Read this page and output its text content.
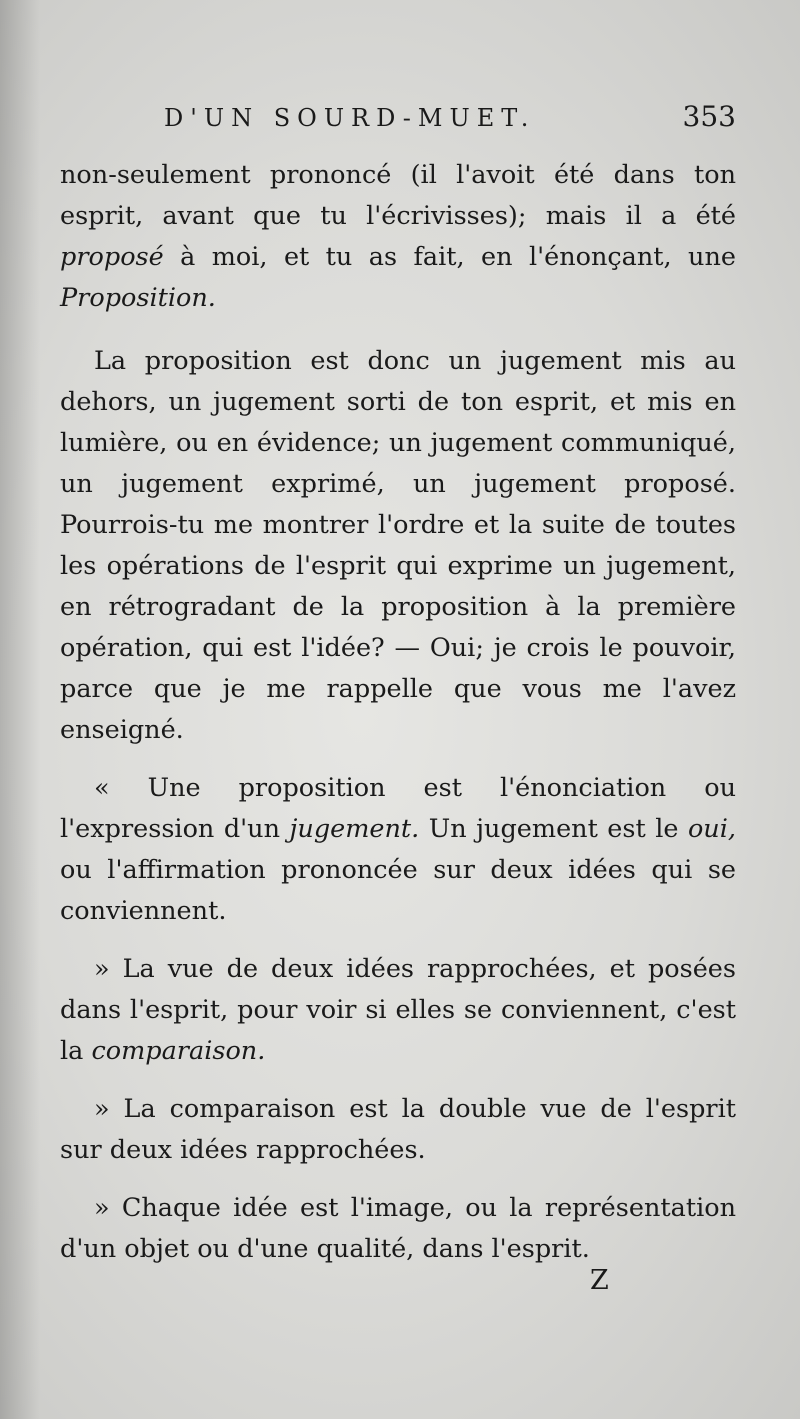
D'UN SOURD-MUET.	353

non-seulement prononcé (il l'avoit été dans ton esprit, avant que tu l'écrivisses); mais il a été proposé à moi, et tu as fait, en l'énonçant, une Proposition.

La proposition est donc un jugement mis au dehors, un jugement sorti de ton esprit, et mis en lumière, ou en évidence; un jugement communiqué, un jugement exprimé, un jugement proposé. Pourrois-tu me montrer l'ordre et la suite de toutes les opérations de l'esprit qui exprime un jugement, en rétrogradant de la proposition à la première opération, qui est l'idée? — Oui; je crois le pouvoir, parce que je me rappelle que vous me l'avez enseigné.

« Une proposition est l'énonciation ou l'expression d'un jugement. Un jugement est le oui, ou l'affirmation prononcée sur deux idées qui se conviennent.

» La vue de deux idées rapprochées, et posées dans l'esprit, pour voir si elles se conviennent, c'est la comparaison.

» La comparaison est la double vue de l'esprit sur deux idées rapprochées.

» Chaque idée est l'image, ou la représentation d'un objet ou d'une qualité, dans l'esprit.

Z
